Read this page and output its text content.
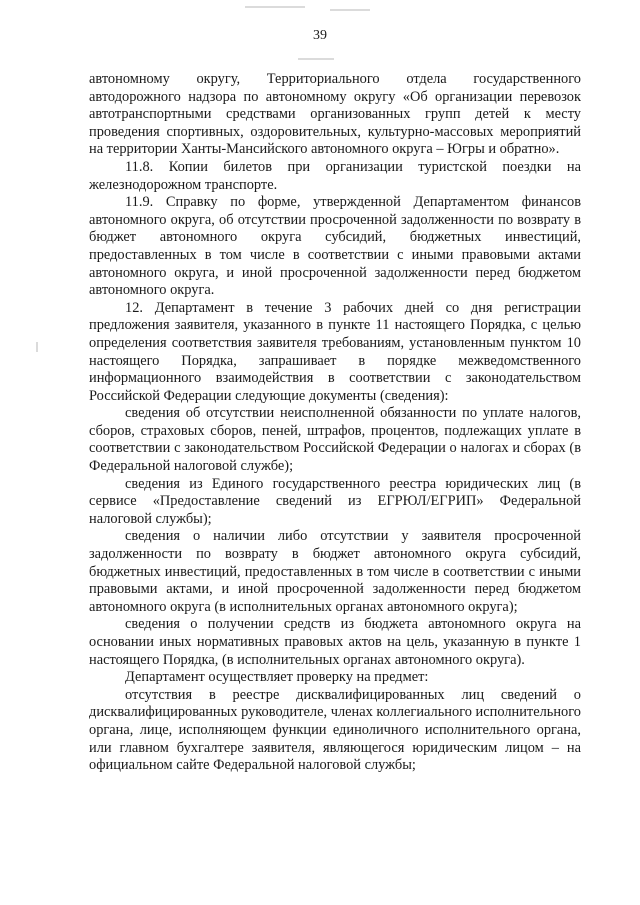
39

автономному округу, Территориального отдела государственного автодорожного надзора по автономному округу «Об организации перевозок автотранспортными средствами организованных групп детей к месту проведения спортивных, оздоровительных, культурно-массовых мероприятий на территории Ханты-Мансийского автономного округа – Югры и обратно».

11.8. Копии билетов при организации туристской поездки на железнодорожном транспорте.

11.9. Справку по форме, утвержденной Департаментом финансов автономного округа, об отсутствии просроченной задолженности по возврату в бюджет автономного округа субсидий, бюджетных инвестиций, предоставленных в том числе в соответствии с иными правовыми актами автономного округа, и иной просроченной задолженности перед бюджетом автономного округа.

12. Департамент в течение 3 рабочих дней со дня регистрации предложения заявителя, указанного в пункте 11 настоящего Порядка, с целью определения соответствия заявителя требованиям, установленным пунктом 10 настоящего Порядка, запрашивает в порядке межведомственного информационного взаимодействия в соответствии с законодательством Российской Федерации следующие документы (сведения):

сведения об отсутствии неисполненной обязанности по уплате налогов, сборов, страховых сборов, пеней, штрафов, процентов, подлежащих уплате в соответствии с законодательством Российской Федерации о налогах и сборах (в Федеральной налоговой службе);

сведения из Единого государственного реестра юридических лиц (в сервисе «Предоставление сведений из ЕГРЮЛ/ЕГРИП» Федеральной налоговой службы);

сведения о наличии либо отсутствии у заявителя просроченной задолженности по возврату в бюджет автономного округа субсидий, бюджетных инвестиций, предоставленных в том числе в соответствии с иными правовыми актами, и иной просроченной задолженности перед бюджетом автономного округа (в исполнительных органах автономного округа);

сведения о получении средств из бюджета автономного округа на основании иных нормативных правовых актов на цель, указанную в пункте 1 настоящего Порядка, (в исполнительных органах автономного округа).

Департамент осуществляет проверку на предмет:

отсутствия в реестре дисквалифицированных лиц сведений о дисквалифицированных руководителе, членах коллегиального исполнительного органа, лице, исполняющем функции единоличного исполнительного органа, или главном бухгалтере заявителя, являющегося юридическим лицом – на официальном сайте Федеральной налоговой службы;
